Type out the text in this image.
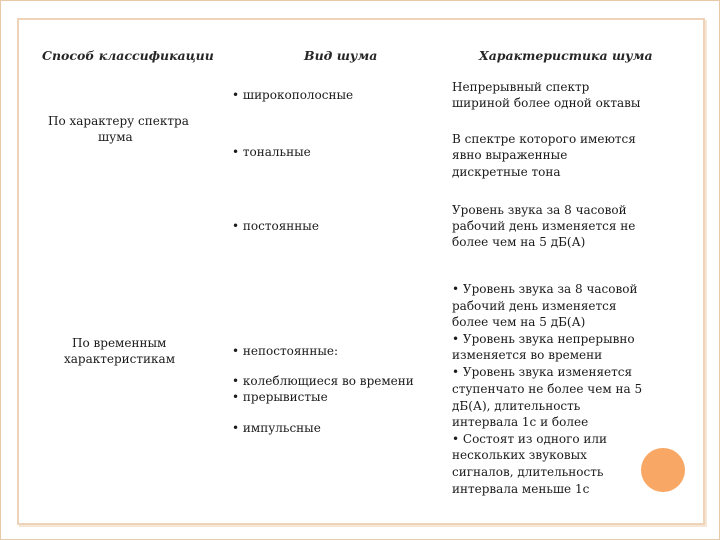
Способ классификации	Вид шума	Характеристика шума
По характеру спектра
шума
• широкополосные
• тональные
Непрерывный спектр
шириной более одной октавы
В спектре которого имеются
явно выраженные
дискретные тона
По временным
характеристикам
• постоянные
• непостоянные:
• колеблющиеся во времени
• прерывистые
• импульсные
Уровень звука за 8 часовой
рабочий день изменяется не
более чем на 5 дБ(А)
• Уровень звука за 8 часовой
рабочий день изменяется
более чем на 5 дБ(А)
• Уровень звука непрерывно
изменяется во времени
• Уровень звука изменяется
ступенчато не более чем на 5
дБ(А), длительность
интервала 1с и более
• Состоят из одного или
нескольких звуковых
сигналов, длительность
интервала меньше 1с
